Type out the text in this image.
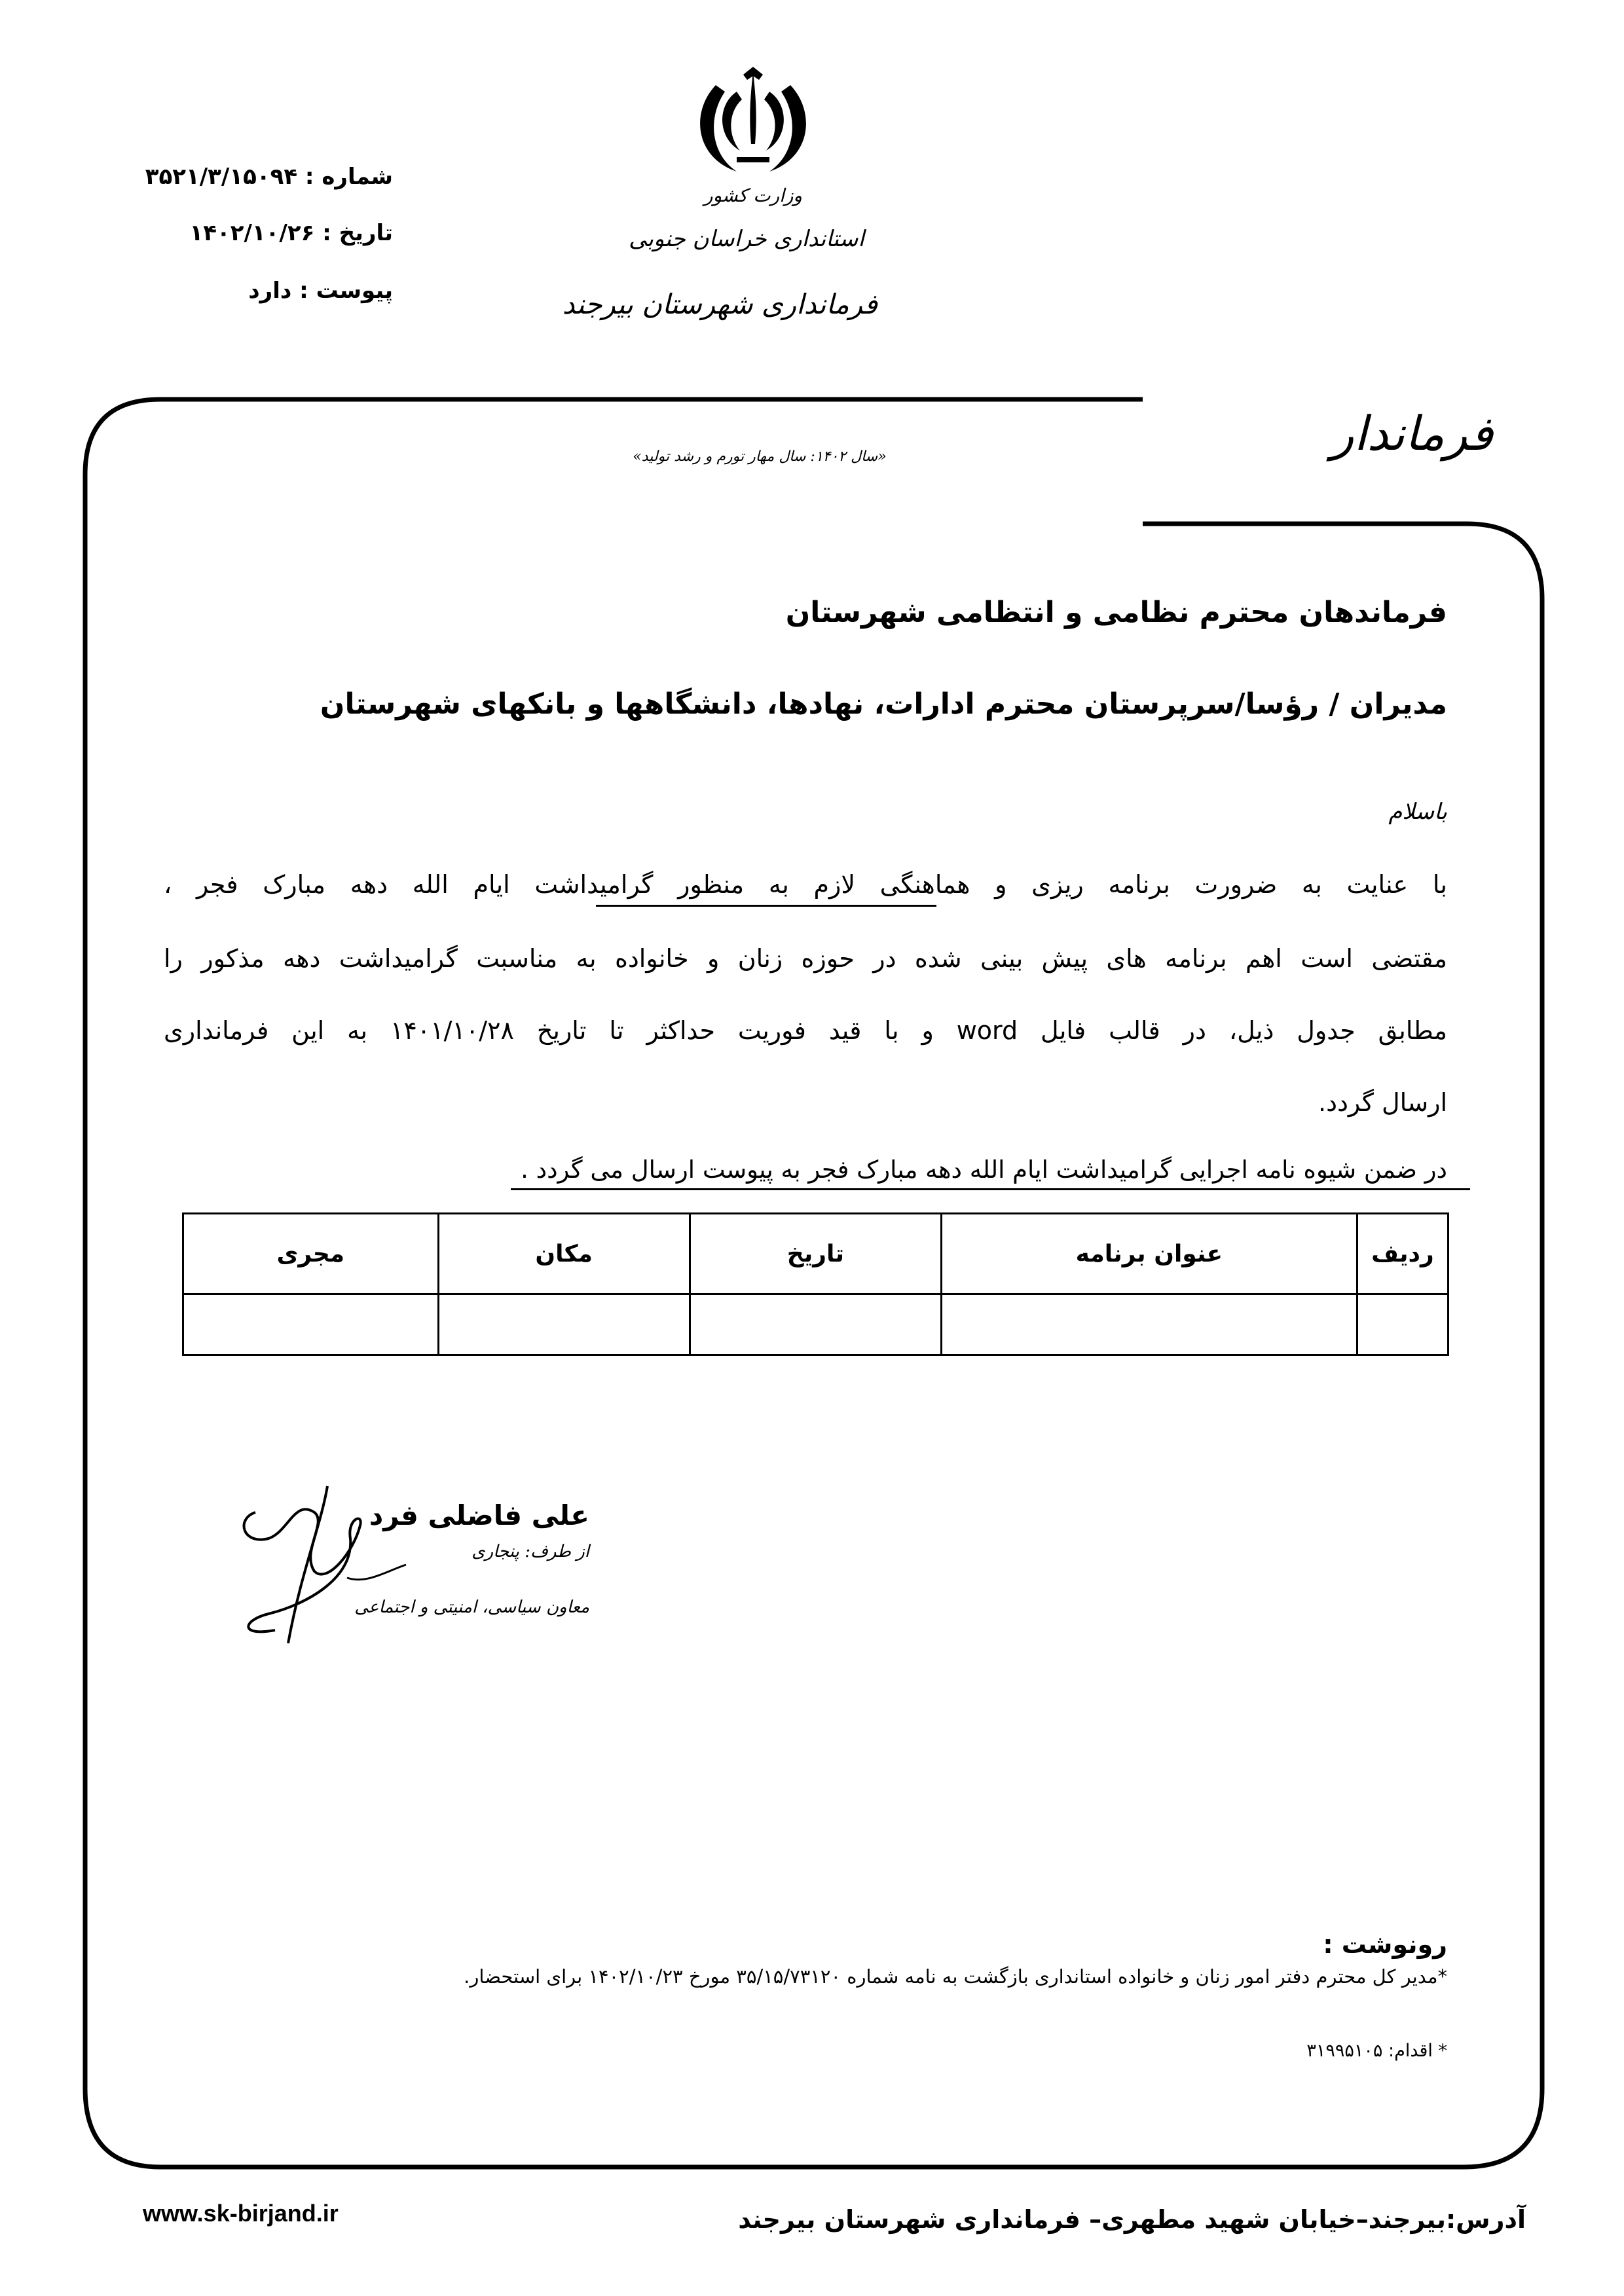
شماره : ۳۵۲۱/۳/۱۵۰۹۴
تاریخ : ۱۴۰۲/۱۰/۲۶
پیوست : دارد
وزارت کشور
استانداری خراسان جنوبی
فرمانداری شهرستان بیرجند
فرماندار
«سال ۱۴۰۲: سال مهار تورم و رشد تولید»
فرماندهان محترم نظامی و انتظامی شهرستان
مدیران / رؤسا/سرپرستان محترم ادارات، نهادها، دانشگاهها و بانکهای شهرستان
باسلام
با عنایت به ضرورت برنامه ریزی و هماهنگی لازم به منظور گرامیداشت ایام الله دهه مبارک فجر ،
مقتضی است اهم برنامه های پیش بینی شده در حوزه زنان و خانواده به مناسبت گرامیداشت دهه مذکور را
مطابق جدول ذیل، در قالب فایل word و با قید فوریت حداکثر تا تاریخ ۱۴۰۱/۱۰/۲۸ به این فرمانداری
ارسال گردد.
در ضمن شیوه نامه اجرایی گرامیداشت ایام الله دهه مبارک فجر به پیوست ارسال می گردد .
ردیف	عنوان برنامه	تاریخ	مکان	مجری

علی فاضلی فرد
از طرف: پنجاری
معاون سیاسی، امنیتی و اجتماعی
رونوشت :
*مدیر کل محترم دفتر امور زنان و خانواده استانداری بازگشت به نامه شماره ۳۵/۱۵/۷۳۱۲۰ مورخ ۱۴۰۲/۱۰/۲۳ برای استحضار.
* اقدام: ۳۱۹۹۵۱۰۵
www.sk-birjand.ir	آدرس:بیرجند–خیابان شهید مطهری– فرمانداری شهرستان بیرجند
